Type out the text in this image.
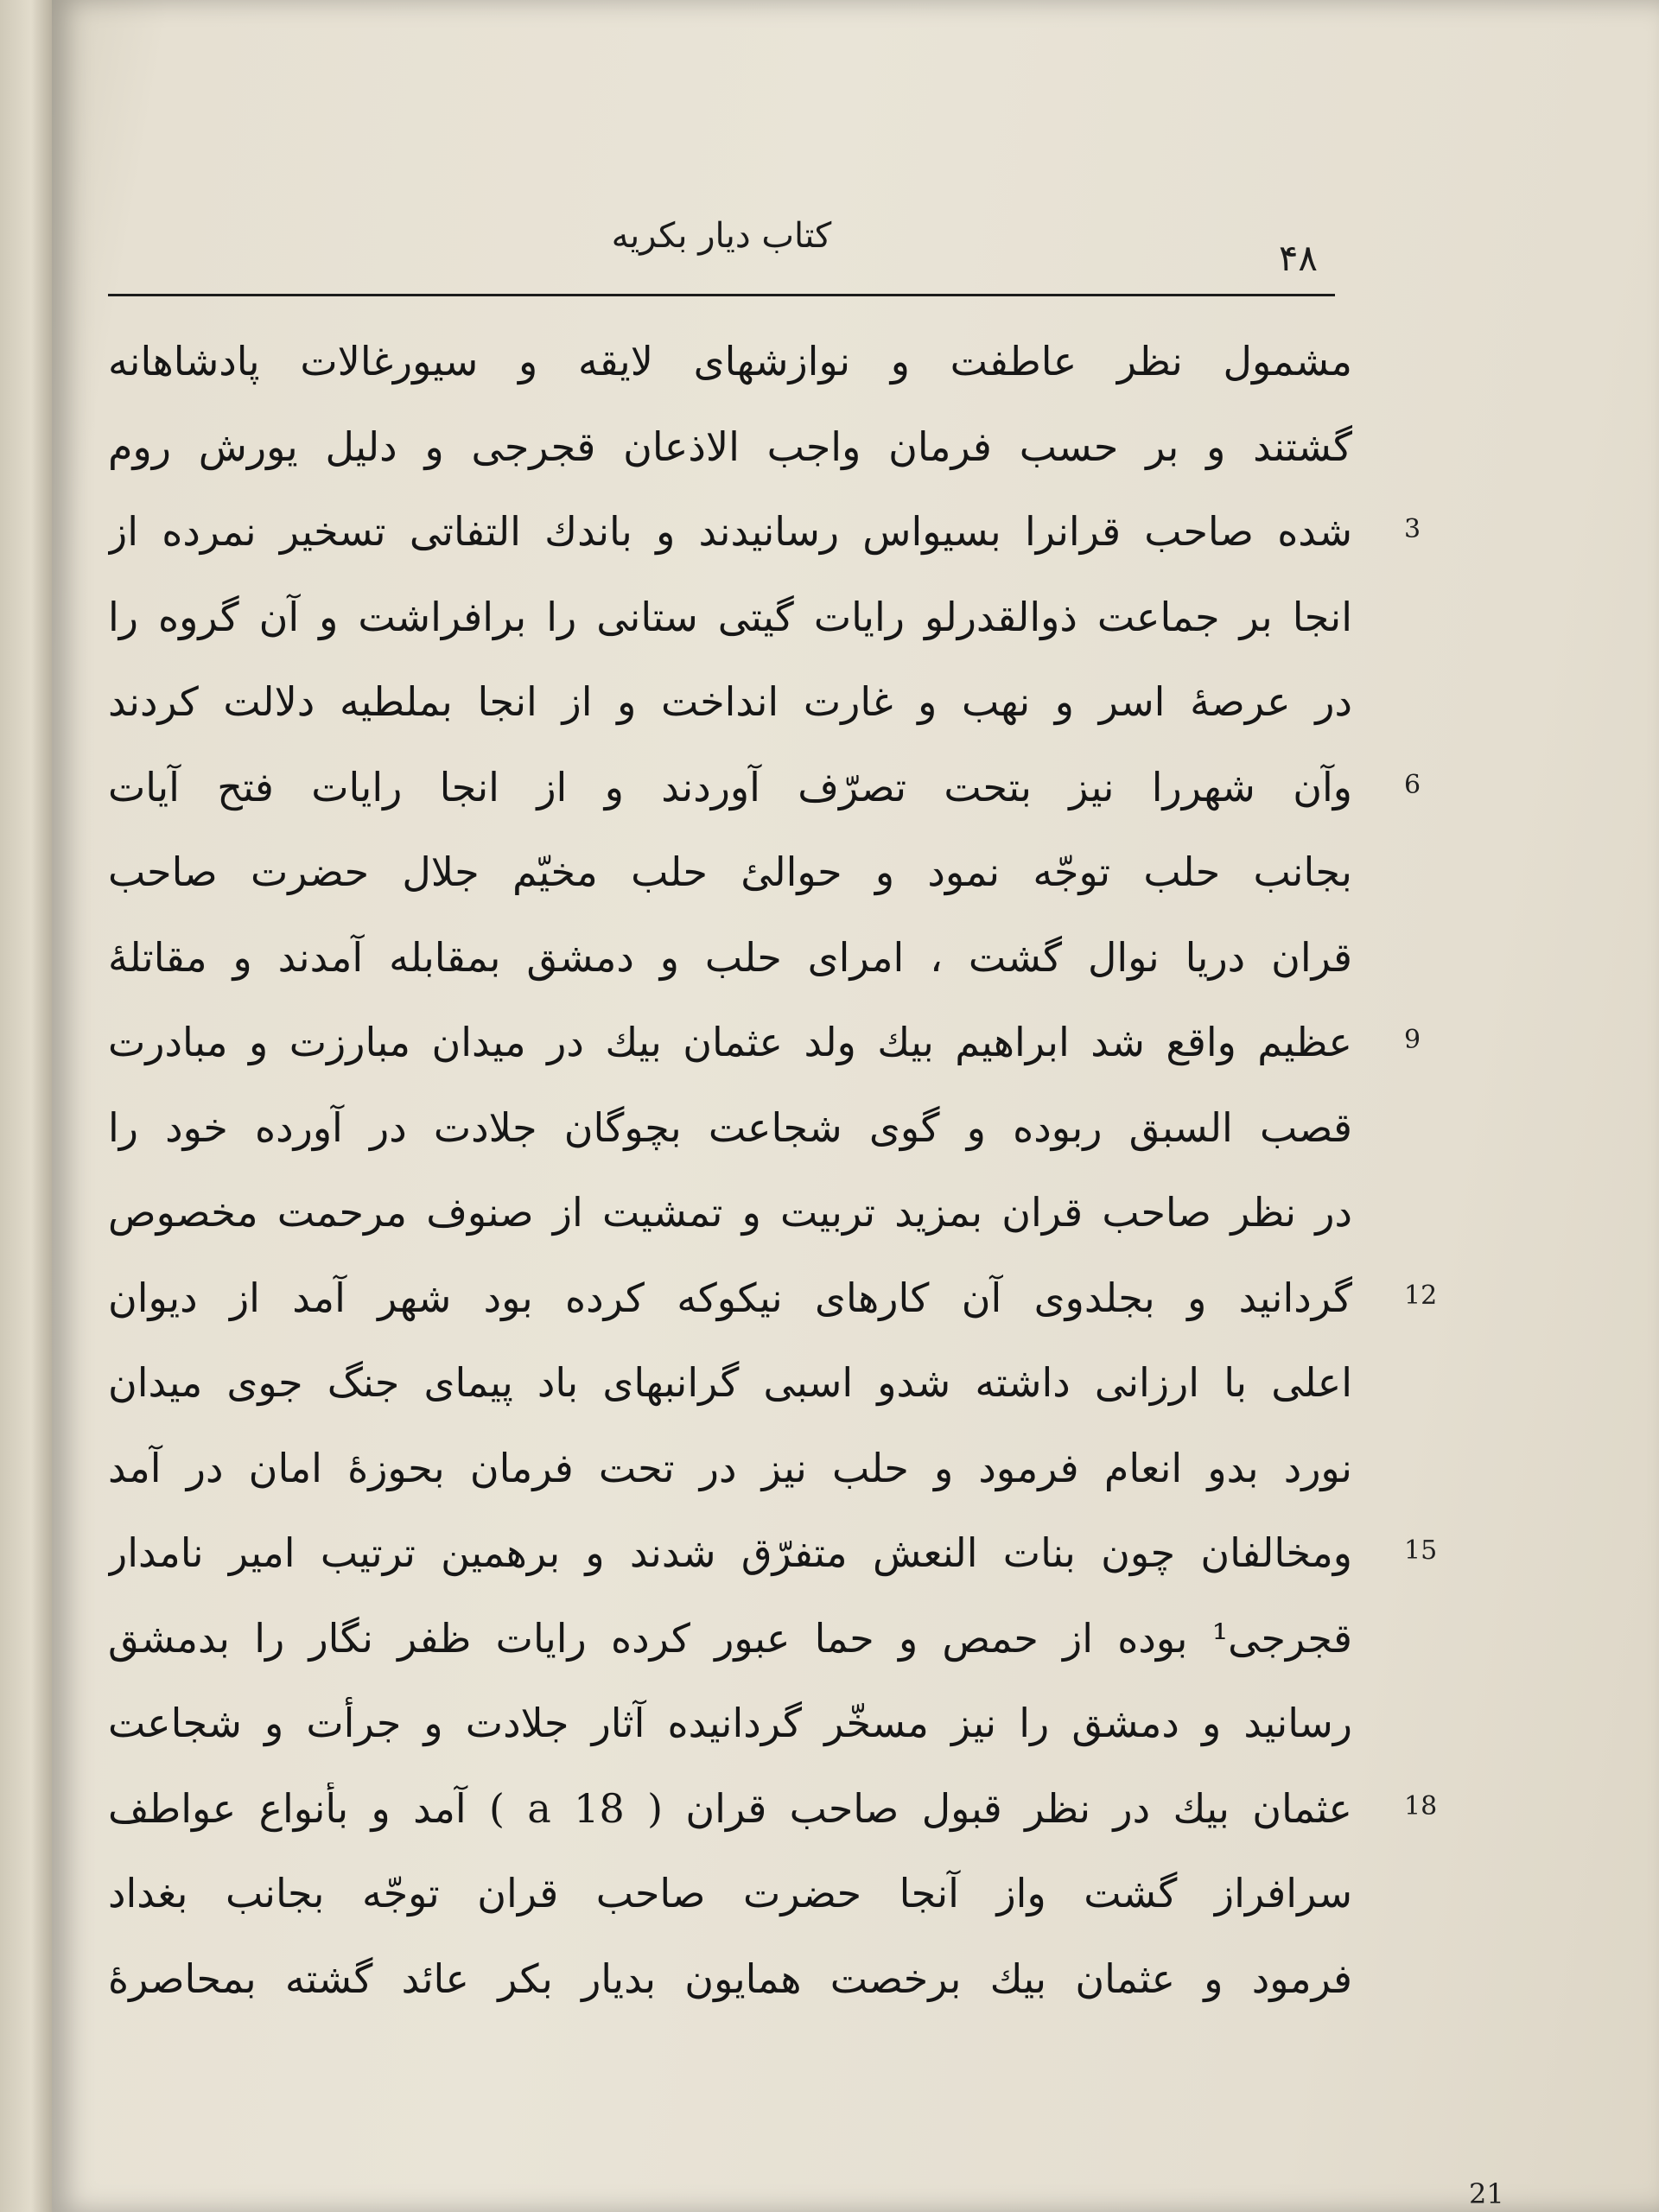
کتاب دیار بکریه
۴۸
مشمول نظر عاطفت و نوازشهای لایقه و سیورغالات پادشاهانه
گشتند و بر حسب فرمان واجب الاذعان قجرجی و دلیل یورش روم
شده صاحب قرانرا بسیواس رسانیدند و باندك التفاتی تسخیر نمرده از 3
انجا بر جماعت ذوالقدرلو رایات گیتی ستانی را برافراشت و آن گروه را
در عرصهٔ اسر و نهب و غارت انداخت و از انجا بملطیه دلالت کردند
وآن شهررا نیز بتحت تصرّف آوردند و از انجا رایات فتح آیات 6
بجانب حلب توجّه نمود و حوالیٔ حلب مخیّم جلال حضرت صاحب
قران دریا نوال گشت ، امرای حلب و دمشق بمقابله آمدند و مقاتلهٔ
عظیم واقع شد ابراهیم بیك ولد عثمان بیك در میدان مبارزت و مبادرت 9
قصب السبق ربوده و گوی شجاعت بچوگان جلادت در آورده خود را
در نظر صاحب قران بمزید تربیت و تمشیت از صنوف مرحمت مخصوص
گردانید و بجلدوی آن کارهای نیکوکه کرده بود شهر آمد از دیوان 12
اعلی با ارزانی داشته شدو اسبی گرانبهای باد پیمای جنگ جوی میدان
نورد بدو انعام فرمود و حلب نیز در تحت فرمان بحوزهٔ امان در آمد
ومخالفان چون بنات النعش متفرّق شدند و برهمین ترتیب امیر نامدار 15
قجرجی¹ بوده از حمص و حما عبور کرده رایات ظفر نگار را بدمشق
رسانید و دمشق را نیز مسخّر گردانیده آثار جلادت و جرأت و شجاعت
عثمان بیك در نظر قبول صاحب قران ( 18 a ) آمد و بأنواع عواطف 18
سرافراز گشت واز آنجا حضرت صاحب قران توجّه بجانب بغداد
فرمود و عثمان بیك برخصت همایون بدیار بکر عائد گشته بمحاصرهٔ
21
